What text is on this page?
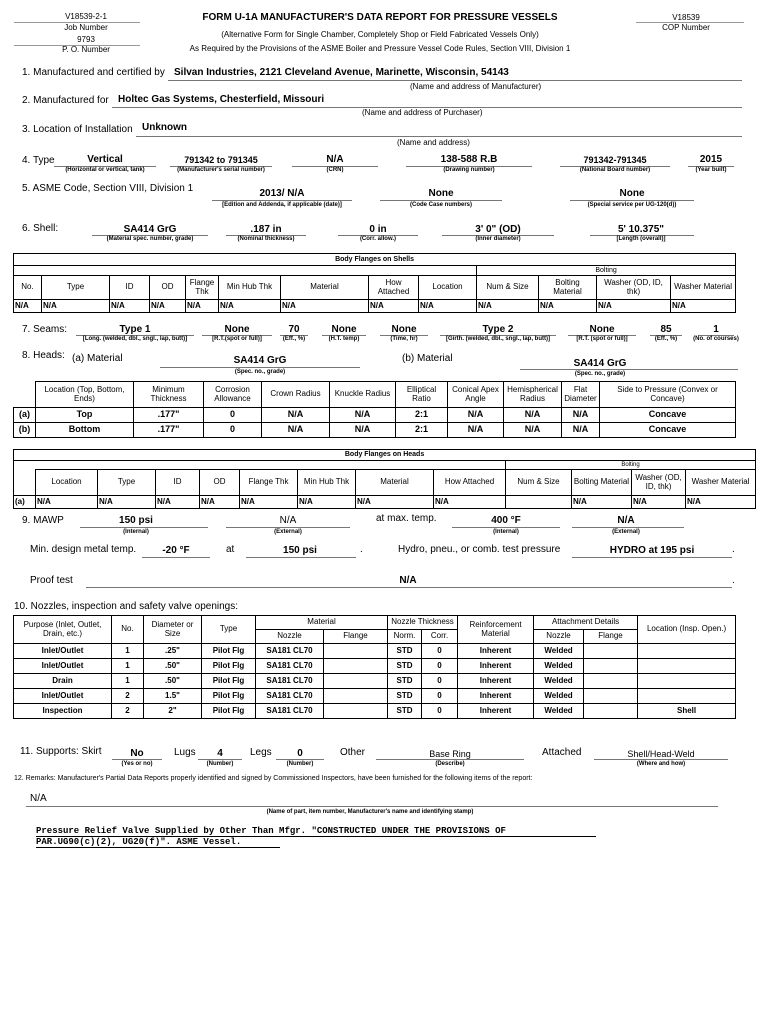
V18539-2-1
Job Number
9793
P. O. Number
FORM U-1A MANUFACTURER'S DATA REPORT FOR PRESSURE VESSELS
(Alternative Form for Single Chamber, Completely Shop or Field Fabricated Vessels Only)
As Required by the Provisions of the ASME Boiler and Pressure Vessel Code Rules, Section VIII, Division 1
V18539
COP Number
1. Manufactured and certified by Silvan Industries, 2121 Cleveland Avenue, Marinette, Wisconsin, 54143
(Name and address of Manufacturer)
2. Manufactured for Holtec Gas Systems, Chesterfield, Missouri
(Name and address of Purchaser)
3. Location of Installation Unknown
(Name and address)
4. Type	Vertical
(Horizontal or vertical, tank)
791342 to 791345
(Manufacturer's serial number)
N/A
(CRN)
138-588 R.B
(Drawing number)
791342-791345
(National Board number)
2015
(Year built)
5. ASME Code, Section VIII, Division 1	2013/ N/A
[Edition and Addenda, if applicable (date)]
None
(Code Case numbers)
None
(Special service per UG-120(d))
6. Shell:	SA414 GrG
(Material spec. number, grade)
.187 in
(Nominal thickness)
0 in
(Corr. allow.)
3' 0" (OD)
(Inner diameter)
5' 10.375"
[Length (overall)]
Body Flanges on Shells												
									Bolting			
No.	Type	ID	OD	Flange Thk	Min Hub Thk	Material	How Attached	Location	Num & Size	Bolting Material	Washer (OD, ID, thk)	Washer Material
N/A	N/A	N/A	N/A	N/A	N/A	N/A	N/A	N/A	N/A	N/A	N/A	N/A
7. Seams:	Type 1
[Long. (welded, dbl., sngl., lap, butt)]
None
[R.T.(spot or full)]
70
(Eff., %)
None
(H.T. temp)
None
(Time, hr)
Type 2
[Girth. (welded, dbl., sngl., lap, butt)]
None
[R.T. (spot or full)]
85
(Eff., %)
1
(No. of courses)
8. Heads: (a) Material	SA414 GrG
(Spec. no., grade)
(b) Material	SA414 GrG
(Spec. no., grade)
	Location (Top, Bottom, Ends)	Minimum Thickness	Corrosion Allowance	Crown Radius	Knuckle Radius	Elliptical Ratio	Conical Apex Angle	Hemispherical Radius	Flat Diameter	Side to Pressure (Convex or Concave)
(a)	Top	.177"	0	N/A	N/A	2:1	N/A	N/A	N/A	Concave
(b)	Bottom	.177"	0	N/A	N/A	2:1	N/A	N/A	N/A	Concave
Body Flanges on Heads												
									Bolting			
	Location	Type	ID	OD	Flange Thk	Min Hub Thk	Material	How Attached	Num & Size	Bolting Material	Washer (OD, ID, thk)	Washer Material
(a)	N/A	N/A	N/A	N/A	N/A	N/A	N/A	N/A		N/A	N/A	N/A
9. MAWP	150 psi
(Internal)
N/A
(External)
at max. temp.	400 °F
(Internal)
N/A
(External)
Min. design metal temp.	-20 °F	at	150 psi	.	Hydro, pneu., or comb. test pressure	HYDRO at 195 psi	.
Proof test	N/A	.
10. Nozzles, inspection and safety valve openings:
Purpose (Inlet, Outlet, Drain, etc.)	No.	Diameter or Size	Type	Material		Nozzle Thickness		Reinforcement Material	Attachment Details		Location (Insp. Open.)
				Nozzle	Flange	Norm.	Corr.		Nozzle	Flange	
Inlet/Outlet	1	.25"	Pilot Flg	SA181 CL70		STD	0	Inherent	Welded		
Inlet/Outlet	1	.50"	Pilot Flg	SA181 CL70		STD	0	Inherent	Welded		
Drain	1	.50"	Pilot Flg	SA181 CL70		STD	0	Inherent	Welded		
Inlet/Outlet	2	1.5"	Pilot Flg	SA181 CL70		STD	0	Inherent	Welded		
Inspection	2	2"	Pilot Flg	SA181 CL70		STD	0	Inherent	Welded		Shell
11. Supports: Skirt	No
(Yes or no)
Lugs	4
(Number)
Legs	0
(Number)
Other	Base Ring
(Describe)
Attached	Shell/Head-Weld
(Where and how)
12. Remarks: Manufacturer's Partial Data Reports properly identified and signed by Commissioned Inspectors, have been furnished for the following items of the report:
N/A
(Name of part, item number, Manufacturer's name and identifying stamp)
Pressure Relief Valve Supplied by Other Than Mfgr. "CONSTRUCTED UNDER THE PROVISIONS OF
PAR.UG90(c)(2), UG20(f)". ASME Vessel.
